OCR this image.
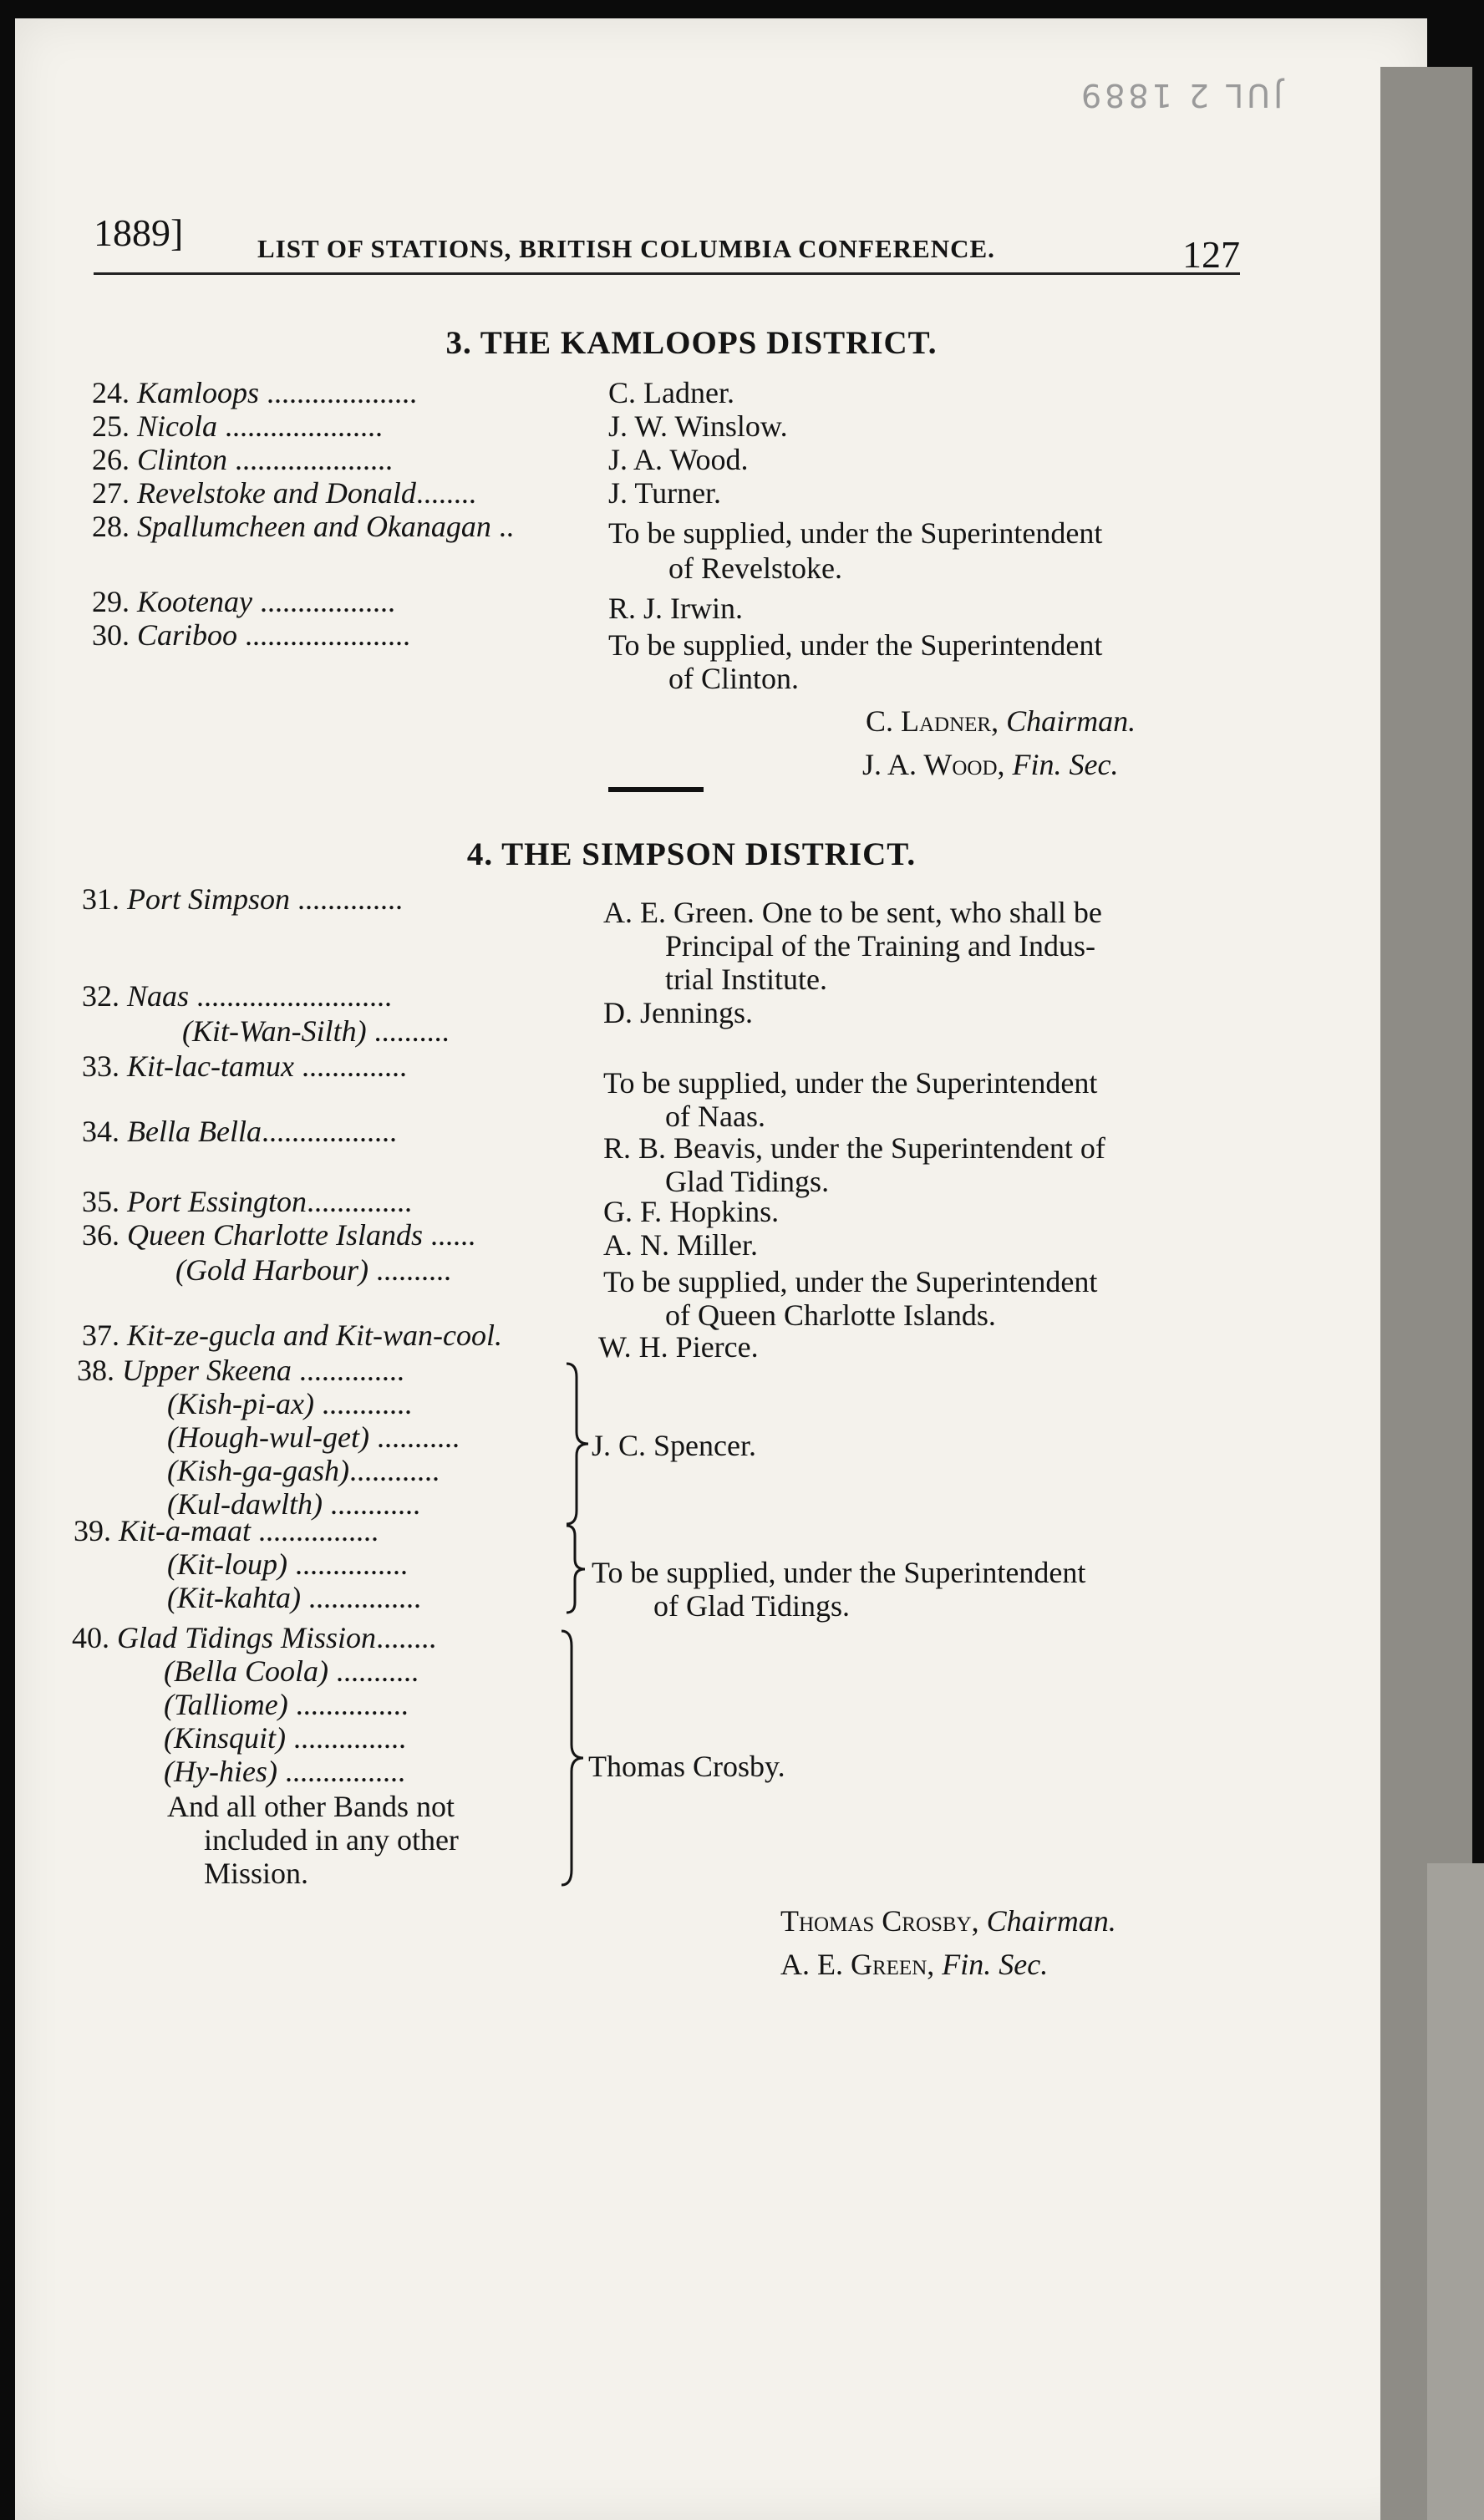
JUL 2 1889
1889]	LIST OF STATIONS, BRITISH COLUMBIA CONFERENCE.	127
3. THE KAMLOOPS DISTRICT.
24. Kamloops ....................	C. Ladner.
25. Nicola .....................	J. W. Winslow.
26. Clinton .....................	J. A. Wood.
27. Revelstoke and Donald........	J. Turner.
28. Spallumcheen and Okanagan ..	To be supplied, under the Superintendent
of Revelstoke.
29. Kootenay ..................	R. J. Irwin.
30. Cariboo ......................	To be supplied, under the Superintendent
of Clinton.
C. Ladner, Chairman.
J. A. Wood, Fin. Sec.
4. THE SIMPSON DISTRICT.
31. Port Simpson ..............	A. E. Green. One to be sent, who shall be
Principal of the Training and Indus-
trial Institute.
32. Naas ..........................	D. Jennings.
(Kit-Wan-Silth) ..........
33. Kit-lac-tamux ..............	To be supplied, under the Superintendent
of Naas.
34. Bella Bella..................	R. B. Beavis, under the Superintendent of
Glad Tidings.
35. Port Essington..............	G. F. Hopkins.
36. Queen Charlotte Islands ......	A. N. Miller.
(Gold Harbour) ..........	To be supplied, under the Superintendent
of Queen Charlotte Islands.
37. Kit-ze-gucla and Kit-wan-cool.	W. H. Pierce.
38. Upper Skeena ..............
(Kish-pi-ax) ............
(Hough-wul-get) ...........
(Kish-ga-gash)............
(Kul-dawlth) ............
J. C. Spencer.
39. Kit-a-maat ................
(Kit-loup) ...............
(Kit-kahta) ...............
To be supplied, under the Superintendent
of Glad Tidings.
40. Glad Tidings Mission........
(Bella Coola) ...........
(Talliome) ...............
(Kinsquit) ...............
(Hy-hies) ................
And all other Bands not
included in any other
Mission.
Thomas Crosby.
Thomas Crosby, Chairman.
A. E. Green, Fin. Sec.
